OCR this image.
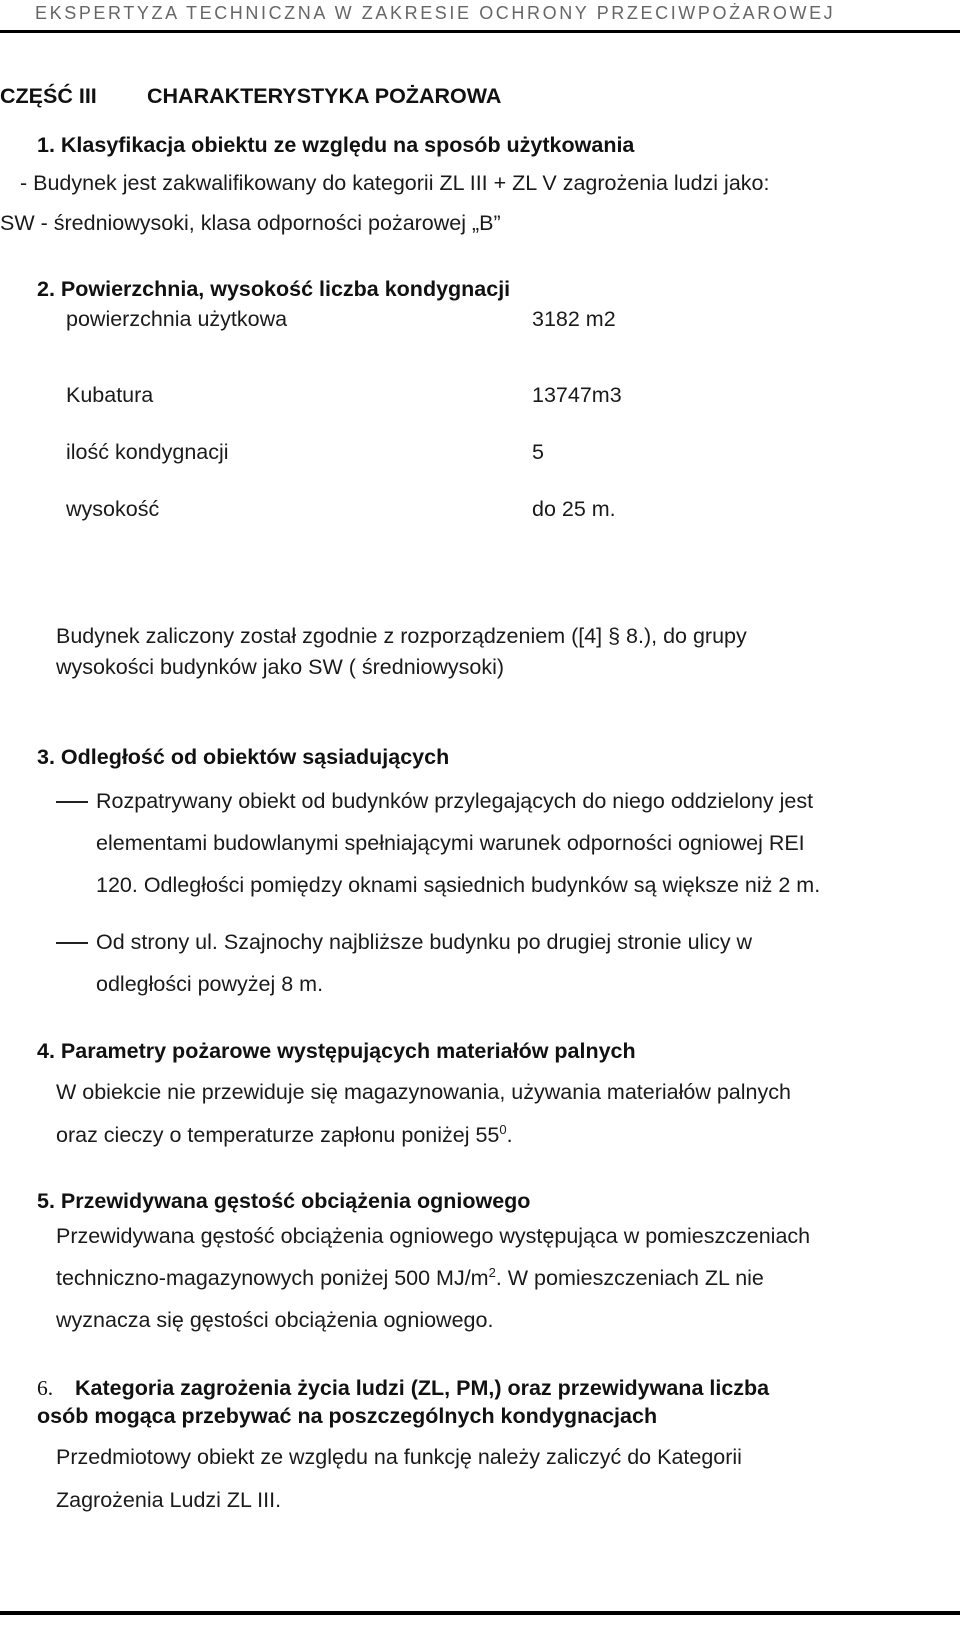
EKSPERTYZA TECHNICZNA W ZAKRESIE OCHRONY PRZECIWPOŻAROWEJ
CZĘŚĆ III CHARAKTERYSTYKA POŻAROWA
1. Klasyfikacja obiektu ze względu na sposób użytkowania
- Budynek jest zakwalifikowany do kategorii ZL III + ZL V zagrożenia ludzi jako:
SW - średniowysoki, klasa odporności pożarowej „B”
2. Powierzchnia, wysokość liczba kondygnacji
powierzchnia użytkowa	3182 m2
Kubatura	13747m3
ilość kondygnacji	5
wysokość	do 25 m.
Budynek zaliczony został zgodnie z rozporządzeniem ([4] § 8.), do grupy
wysokości budynków jako SW ( średniowysoki)
3. Odległość od obiektów sąsiadujących
Rozpatrywany obiekt od budynków przylegających do niego oddzielony jest
elementami budowlanymi spełniającymi warunek odporności ogniowej REI
120. Odległości pomiędzy oknami sąsiednich budynków są większe niż 2 m.
Od strony ul. Szajnochy najbliższe budynku po drugiej stronie ulicy w
odległości powyżej 8 m.
4. Parametry pożarowe występujących materiałów palnych
W obiekcie nie przewiduje się magazynowania, używania materiałów palnych
oraz cieczy o temperaturze zapłonu poniżej $55^0$.
5. Przewidywana gęstość obciążenia ogniowego
Przewidywana gęstość obciążenia ogniowego występująca w pomieszczeniach
techniczno-magazynowych poniżej 500 $MJ/m^2$. W pomieszczeniach ZL nie
wyznacza się gęstości obciążenia ogniowego.
6. Kategoria zagrożenia życia ludzi (ZL, PM,) oraz przewidywana liczba
osób mogąca przebywać na poszczególnych kondygnacjach
Przedmiotowy obiekt ze względu na funkcję należy zaliczyć do Kategorii
Zagrożenia Ludzi ZL III.
